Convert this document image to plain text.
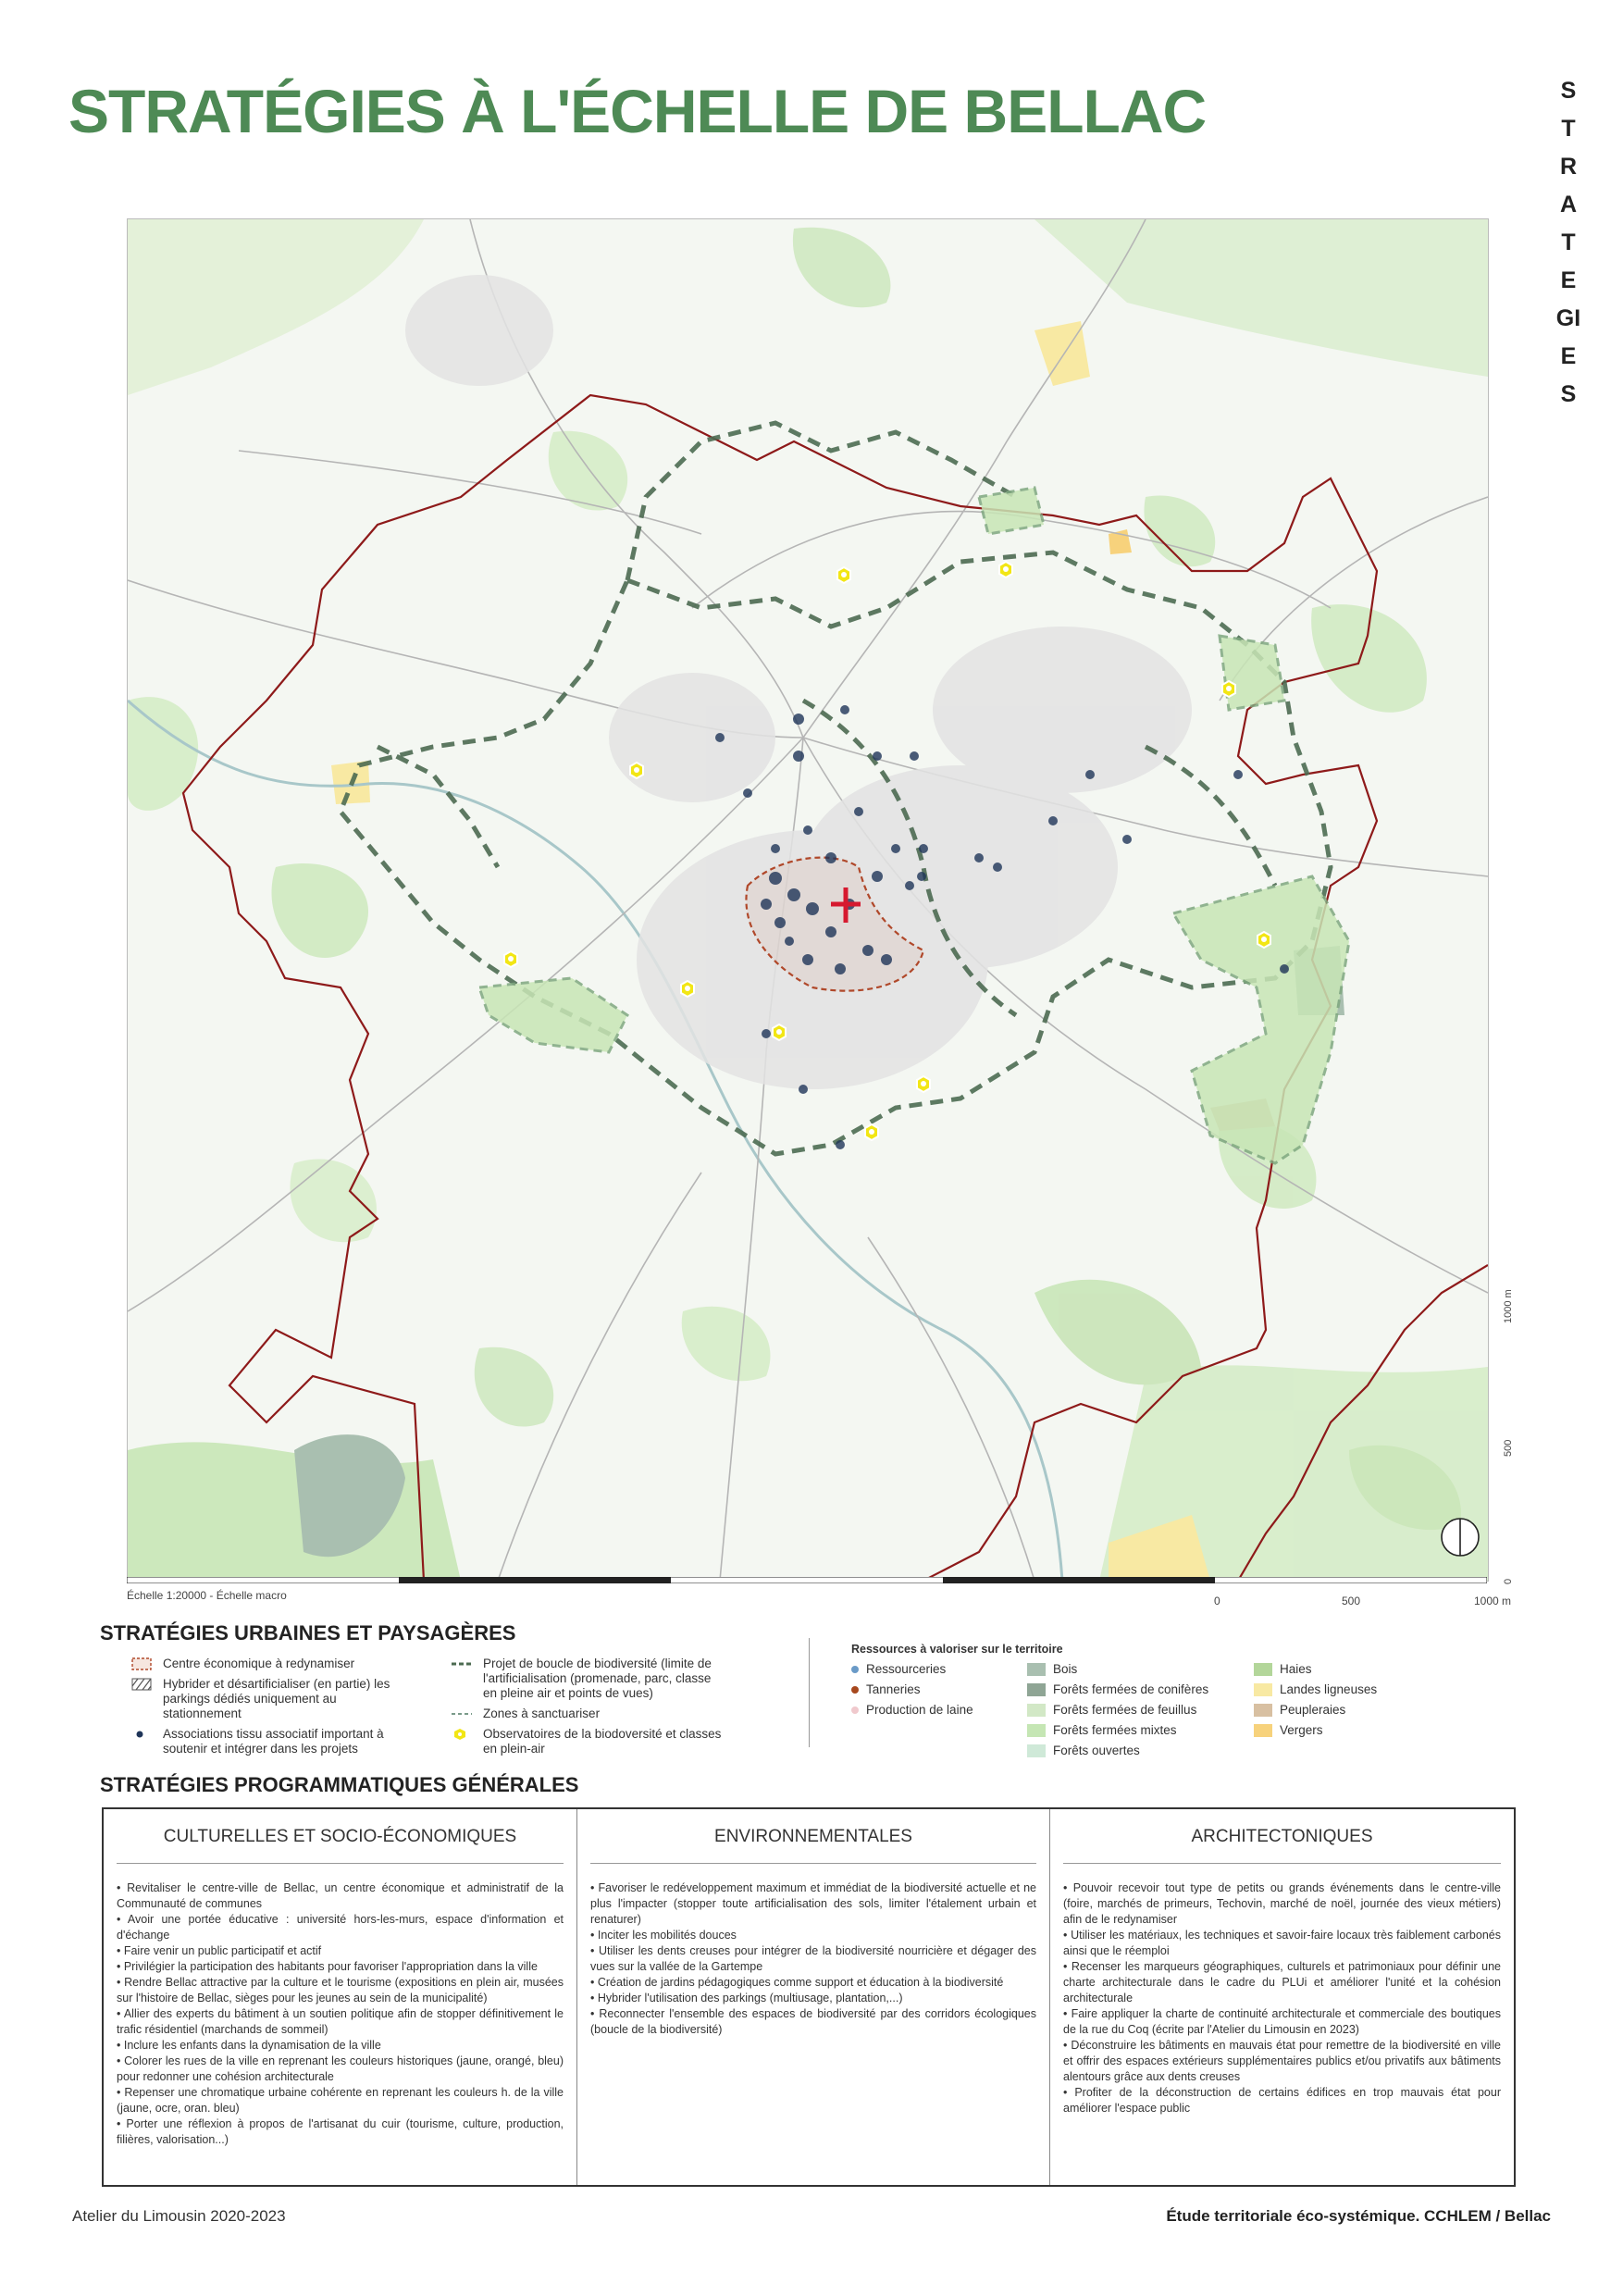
STRATÉGIES À L'ÉCHELLE DE BELLAC	STRATEGIES
Échelle 1:20000 - Échelle macro	0	500	1000 m
0
500
1000 m
STRATÉGIES URBAINES ET PAYSAGÈRES
Centre économique à redynamiser
Hybrider et désartificialiser (en partie) les parkings dédiés uniquement au stationnement
Associations tissu associatif important à soutenir et intégrer dans les projets
Projet de boucle de biodiversité (limite de l'artificialisation (promenade, parc, classe en pleine air et points de vues)
Zones à sanctuariser
Observatoires de la biodoversité et classes en plein-air
Ressources à valoriser sur le territoire
Ressourceries
Tanneries
Production de laine
Bois
Forêts fermées de conifères
Forêts fermées de feuillus
Forêts fermées mixtes
Forêts ouvertes
Haies
Landes ligneuses
Peupleraies
Vergers
STRATÉGIES PROGRAMMATIQUES GÉNÉRALES
CULTURELLES ET SOCIO-ÉCONOMIQUES
• Revitaliser le centre-ville de Bellac, un centre économique et administratif de la Communauté de communes
• Avoir une portée éducative : université hors-les-murs, espace d'information et d'échange
• Faire venir un public participatif et actif
• Privilégier la participation des habitants pour favoriser l'appropriation dans la ville
• Rendre Bellac attractive par la culture et le tourisme (expositions en plein air, musées sur l'histoire de Bellac, sièges pour les jeunes au sein de la municipalité)
• Allier des experts du bâtiment à un soutien politique afin de stopper définitivement le trafic résidentiel (marchands de sommeil)
• Inclure les enfants dans la dynamisation de la ville
• Colorer les rues de la ville en reprenant les couleurs historiques (jaune, orangé, bleu) pour redonner une cohésion architecturale
• Repenser une chromatique urbaine cohérente en reprenant les couleurs h. de la ville (jaune, ocre, oran. bleu)
• Porter une réflexion à propos de l'artisanat du cuir (tourisme, culture, production, filières, valorisation...)
ENVIRONNEMENTALES
• Favoriser le redéveloppement maximum et immédiat de la biodiversité actuelle et ne plus l'impacter (stopper toute artificialisation des sols, limiter l'étalement urbain et renaturer)
• Inciter les mobilités douces
• Utiliser les dents creuses pour intégrer de la biodiversité nourricière et dégager des vues sur la vallée de la Gartempe
• Création de jardins pédagogiques comme support et éducation à la biodiversité
• Hybrider l'utilisation des parkings (multiusage, plantation,...)
• Reconnecter l'ensemble des espaces de biodiversité par des corridors écologiques (boucle de la biodiversité)
ARCHITECTONIQUES
• Pouvoir recevoir tout type de petits ou grands événements dans le centre-ville (foire, marchés de primeurs, Techovin, marché de noël, journée des vieux métiers) afin de le redynamiser
• Utiliser les matériaux, les techniques et savoir-faire locaux très faiblement carbonés ainsi que le réemploi
• Recenser les marqueurs géographiques, culturels et patrimoniaux pour définir une charte architecturale dans le cadre du PLUi et améliorer l'unité et la cohésion architecturale
• Faire appliquer la charte de continuité architecturale et commerciale des boutiques de la rue du Coq (écrite par l'Atelier du Limousin en 2023)
• Déconstruire les bâtiments en mauvais état pour remettre de la biodiversité en ville et offrir des espaces extérieurs supplémentaires publics et/ou privatifs aux bâtiments alentours grâce aux dents creuses
• Profiter de la déconstruction de certains édifices en trop mauvais état pour améliorer l'espace public
Atelier du Limousin 2020-2023	Étude territoriale éco-systémique. CCHLEM / Bellac
